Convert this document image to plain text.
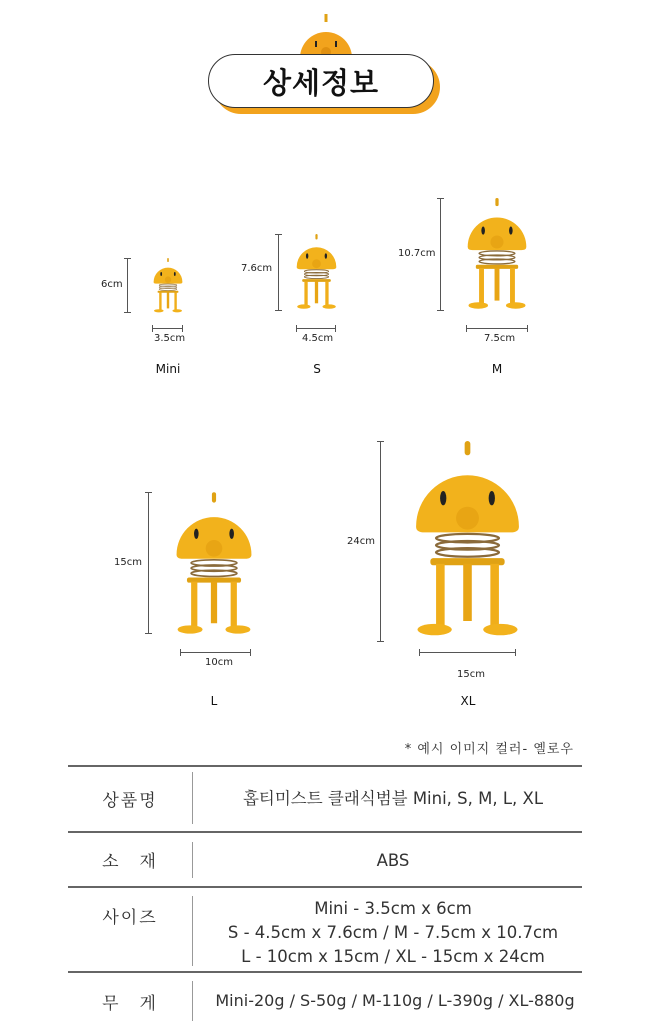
상세정보
6cm
3.5cm
Mini
7.6cm
4.5cm
S
10.7cm
7.5cm
M
15cm
10cm
L
24cm
15cm
XL
* 예시 이미지 컬러- 옐로우
상품명	홉티미스트 클래식범블 Mini, S, M, L, XL
소　재	ABS
사이즈	Mini - 3.5cm x 6cm
S - 4.5cm x 7.6cm / M - 7.5cm x 10.7cm
L - 10cm x 15cm / XL - 15cm x 24cm
무　게	Mini-20g / S-50g / M-110g / L-390g / XL-880g
